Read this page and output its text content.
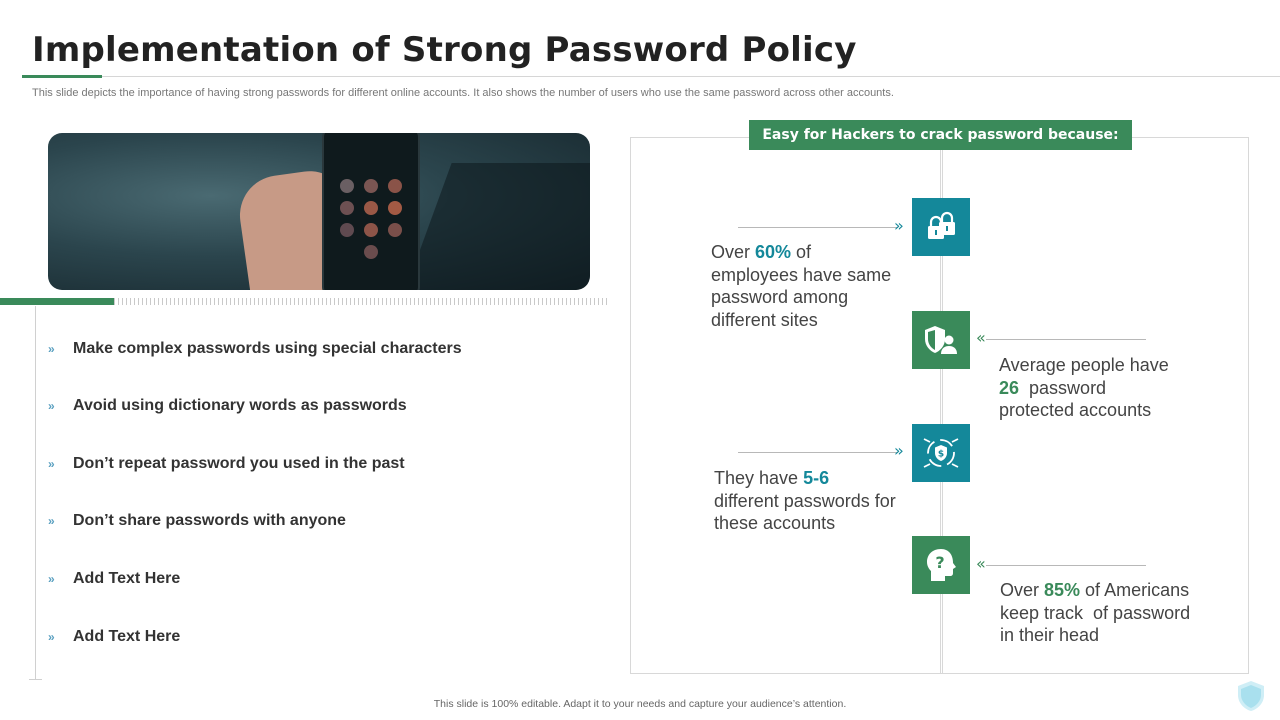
Implementation of Strong Password Policy
This slide depicts the importance of having strong passwords for different online accounts. It also shows the number of users who use the same password across other accounts.
»	Make complex passwords using special characters
»	Avoid using dictionary words as passwords
»	Don’t repeat password you used in the past
»	Don’t share passwords with anyone
»	Add Text Here
»	Add Text Here
Easy for Hackers to crack password because:
»
Over 60% of
employees have same
password among
different sites
«
Average people have
26  password
protected accounts
»	$
They have 5-6
different passwords for
these accounts
«
?
Over 85% of Americans
keep track  of password
in their head
This slide is 100% editable. Adapt it to your needs and capture your audience’s attention.
